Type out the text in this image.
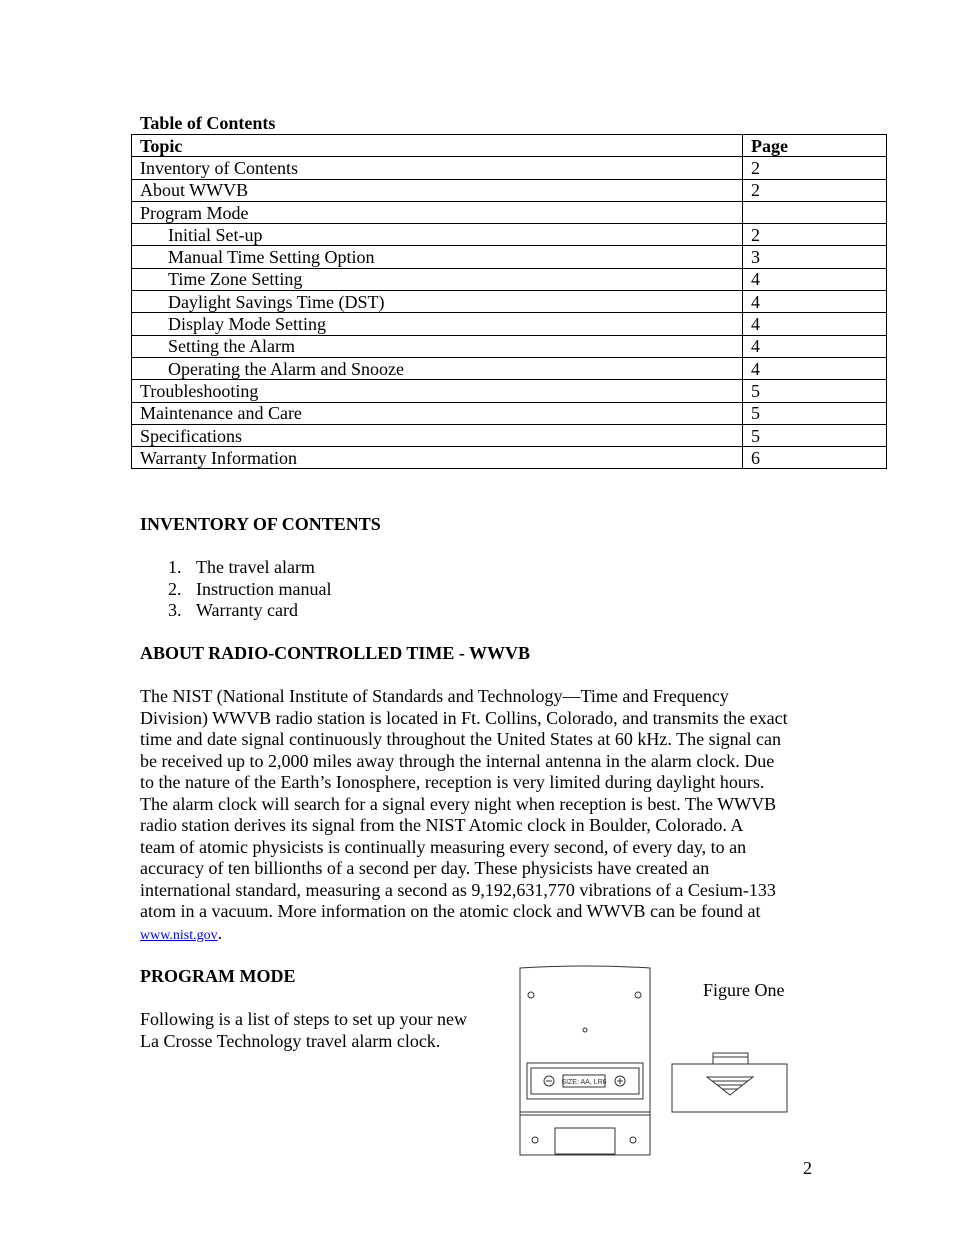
Table of Contents
Topic	Page
Inventory of Contents	2
About WWVB	2
Program Mode	
Initial Set-up	2
Manual Time Setting Option	3
Time Zone Setting	4
Daylight Savings Time (DST)	4
Display Mode Setting	4
Setting the Alarm	4
Operating the Alarm and Snooze	4
Troubleshooting	5
Maintenance and Care	5
Specifications	5
Warranty Information	6
INVENTORY OF CONTENTS
1. The travel alarm
2. Instruction manual
3. Warranty card
ABOUT RADIO-CONTROLLED TIME - WWVB
The NIST (National Institute of Standards and Technology—Time and Frequency
Division) WWVB radio station is located in Ft. Collins, Colorado, and transmits the exact
time and date signal continuously throughout the United States at 60 kHz. The signal can
be received up to 2,000 miles away through the internal antenna in the alarm clock. Due
to the nature of the Earth’s Ionosphere, reception is very limited during daylight hours.
The alarm clock will search for a signal every night when reception is best. The WWVB
radio station derives its signal from the NIST Atomic clock in Boulder, Colorado. A
team of atomic physicists is continually measuring every second, of every day, to an
accuracy of ten billionths of a second per day. These physicists have created an
international standard, measuring a second as 9,192,631,770 vibrations of a Cesium-133
atom in a vacuum. More information on the atomic clock and WWVB can be found at
www.nist.gov.
PROGRAM MODE
Following is a list of steps to set up your new
La Crosse Technology travel alarm clock.
Figure One
SIZE: AA, LR6
2
